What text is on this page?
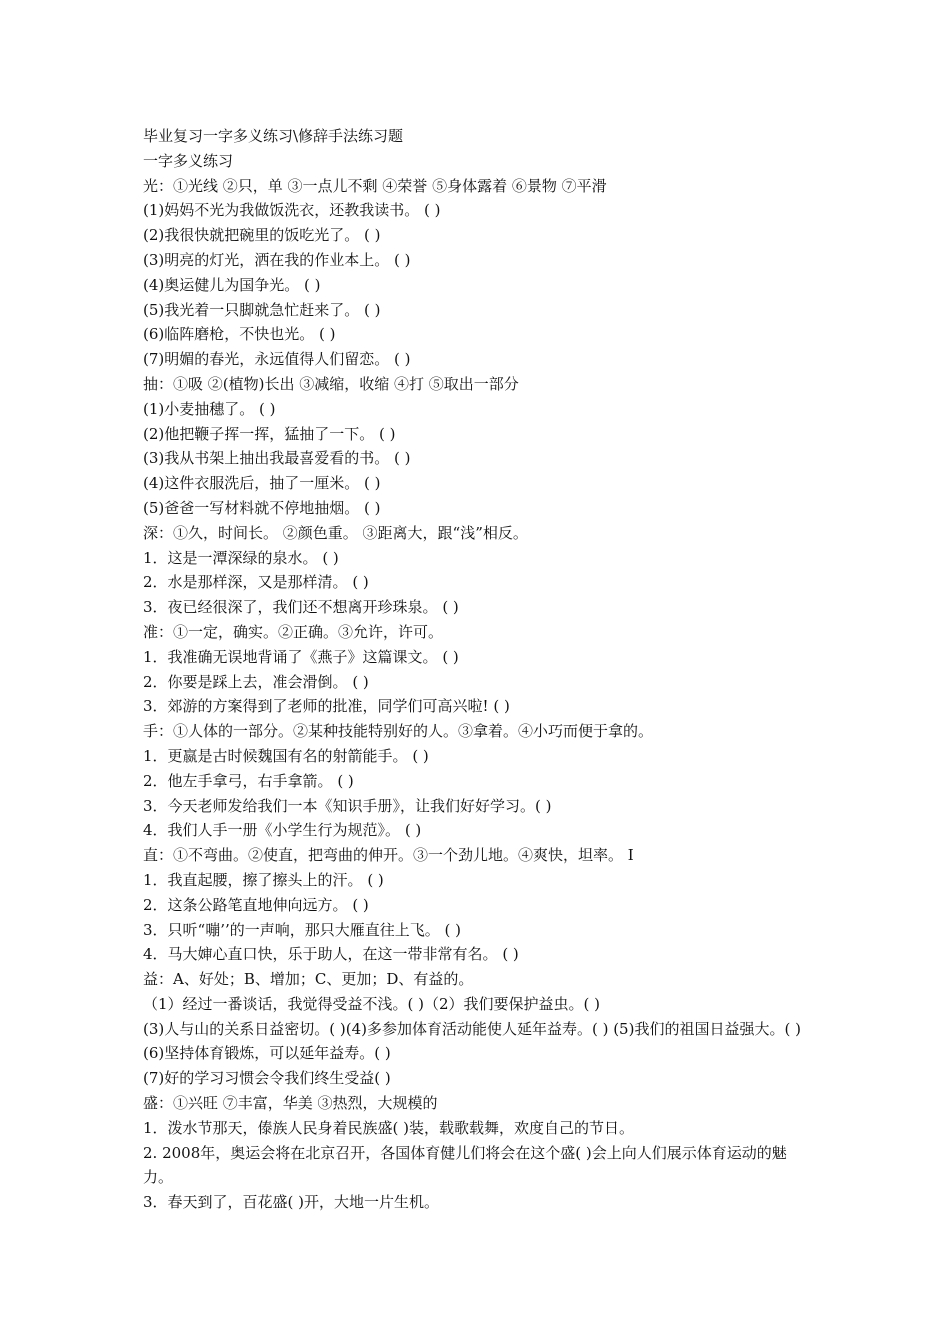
毕业复习一字多义练习\修辞手法练习题
一字多义练习
光：①光线 ②只，单 ③一点儿不剩 ④荣誉 ⑤身体露着 ⑥景物 ⑦平滑
(1)妈妈不光为我做饭洗衣，还教我读书。 ( )
(2)我很快就把碗里的饭吃光了。 ( )
(3)明亮的灯光，洒在我的作业本上。 ( )
(4)奥运健儿为国争光。 ( )
(5)我光着一只脚就急忙赶来了。 ( )
(6)临阵磨枪，不快也光。 ( )
(7)明媚的春光，永远值得人们留恋。 ( )
抽：①吸 ②(植物)长出 ③减缩，收缩 ④打 ⑤取出一部分
(1)小麦抽穗了。 ( )
(2)他把鞭子挥一挥，猛抽了一下。 ( )
(3)我从书架上抽出我最喜爱看的书。 ( )
(4)这件衣服洗后，抽了一厘米。 ( )
(5)爸爸一写材料就不停地抽烟。 ( )
深：①久，时间长。 ②颜色重。 ③距离大，跟“浅”相反。
1．这是一潭深绿的泉水。 ( )
2．水是那样深，又是那样清。 ( )
3．夜已经很深了，我们还不想离开珍珠泉。 ( )
准：①一定，确实。②正确。③允许，许可。
1．我准确无误地背诵了《燕子》这篇课文。 ( )
2．你要是踩上去，准会滑倒。 ( )
3．郊游的方案得到了老师的批准，同学们可高兴啦! ( )
手：①人体的一部分。②某种技能特别好的人。③拿着。④小巧而便于拿的。
1．更嬴是古时候魏国有名的射箭能手。 ( )
2．他左手拿弓，右手拿箭。 ( )
3．今天老师发给我们一本《知识手册》，让我们好好学习。( )
4．我们人手一册《小学生行为规范》。 ( )
直：①不弯曲。②使直，把弯曲的伸开。③一个劲儿地。④爽快，坦率。 I
1．我直起腰，擦了擦头上的汗。 ( )
2．这条公路笔直地伸向远方。 ( )
3．只听“嘣’’的一声响，那只大雁直往上飞。 ( )
4．马大婶心直口快，乐于助人，在这一带非常有名。 ( )
益：A、好处；B、增加；C、更加；D、有益的。
（1）经过一番谈话，我觉得受益不浅。( )（2）我们要保护益虫。( )
(3)人与山的关系日益密切。( )(4)多参加体育活动能使人延年益寿。( ) (5)我们的祖国日益强大。( ) (6)坚持体育锻炼，可以延年益寿。( )
(7)好的学习习惯会令我们终生受益( )
盛：①兴旺 ⑦丰富，华美 ③热烈，大规模的
1．泼水节那天，傣族人民身着民族盛( )装，载歌载舞，欢度自己的节日。
2. 2008年，奥运会将在北京召开，各国体育健儿们将会在这个盛( )会上向人们展示体育运动的魅力。
3．春天到了，百花盛( )开，大地一片生机。
